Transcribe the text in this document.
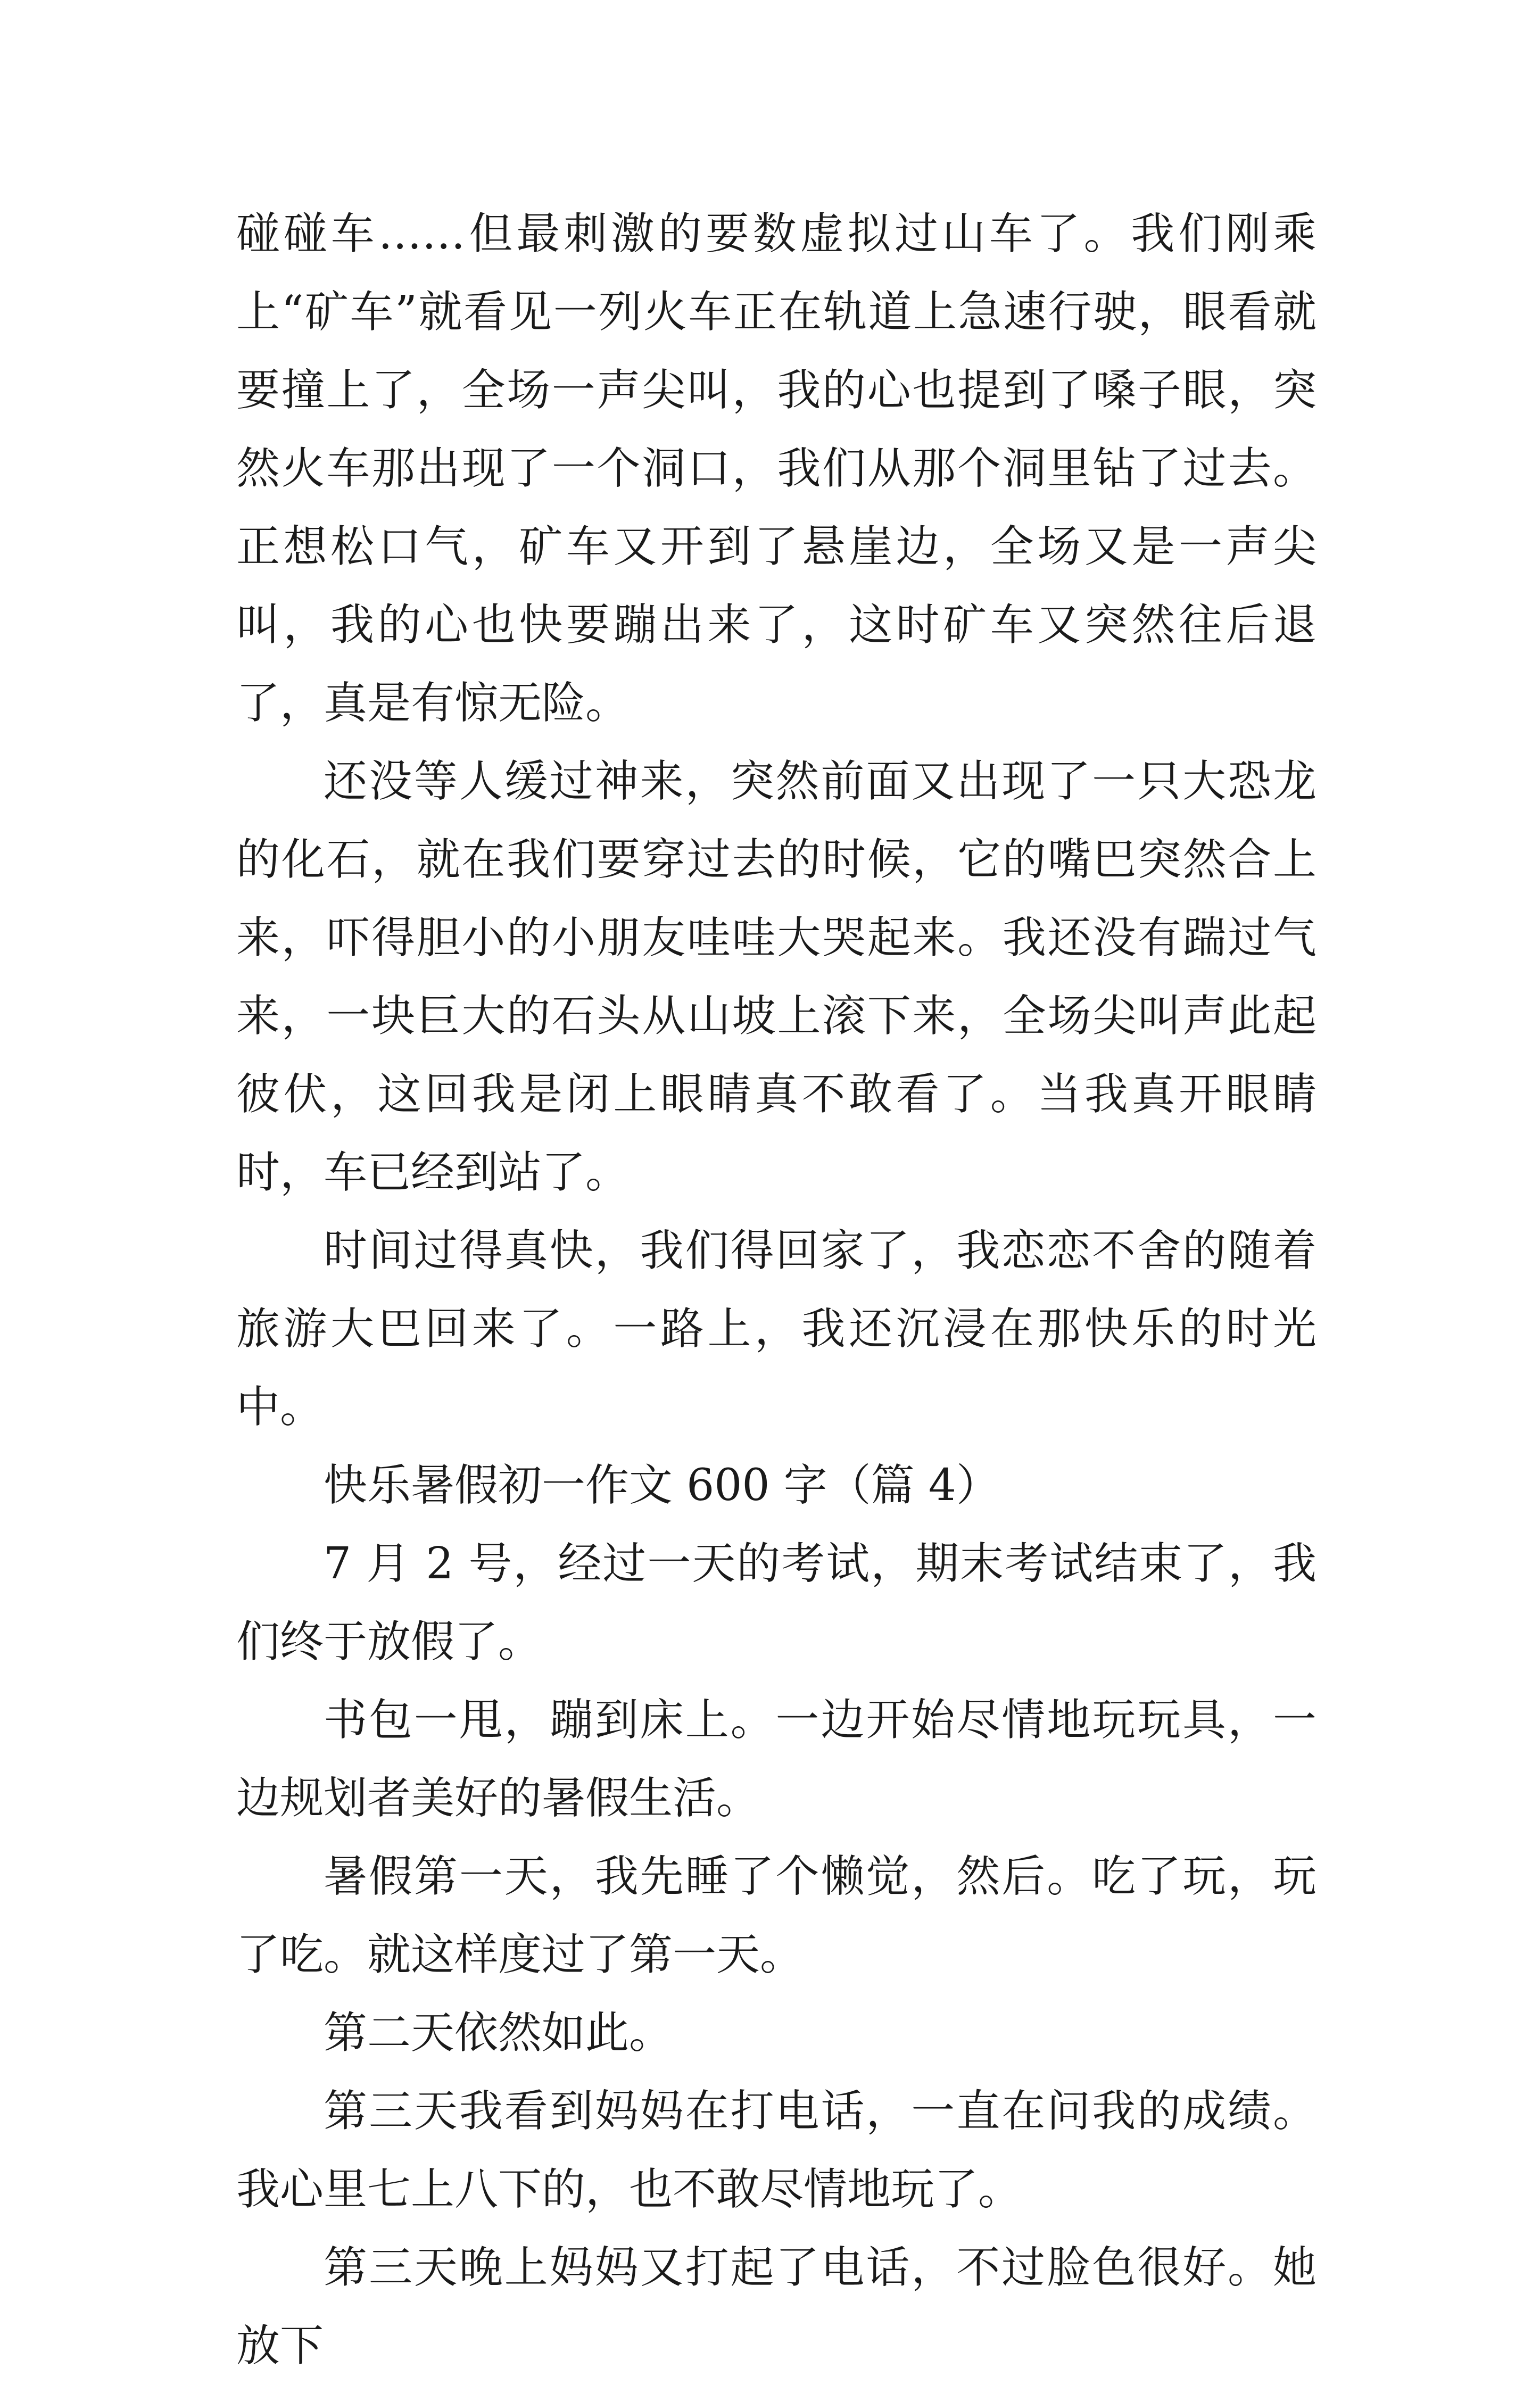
碰碰车……但最刺激的要数虚拟过山车了。我们刚乘上“矿车”就看见一列火车正在轨道上急速行驶，眼看就要撞上了，全场一声尖叫，我的心也提到了嗓子眼，突然火车那出现了一个洞口，我们从那个洞里钻了过去。正想松口气，矿车又开到了悬崖边，全场又是一声尖叫，我的心也快要蹦出来了，这时矿车又突然往后退了，真是有惊无险。

还没等人缓过神来，突然前面又出现了一只大恐龙的化石，就在我们要穿过去的时候，它的嘴巴突然合上来，吓得胆小的小朋友哇哇大哭起来。我还没有踹过气来，一块巨大的石头从山坡上滚下来，全场尖叫声此起彼伏，这回我是闭上眼睛真不敢看了。当我真开眼睛时，车已经到站了。

时间过得真快，我们得回家了，我恋恋不舍的随着旅游大巴回来了。一路上，我还沉浸在那快乐的时光中。

快乐暑假初一作文 600 字（篇 4）

7 月 2 号，经过一天的考试，期末考试结束了，我们终于放假了。

书包一甩，蹦到床上。一边开始尽情地玩玩具，一边规划者美好的暑假生活。

暑假第一天，我先睡了个懒觉，然后。吃了玩，玩了吃。就这样度过了第一天。

第二天依然如此。

第三天我看到妈妈在打电话，一直在问我的成绩。我心里七上八下的，也不敢尽情地玩了。

第三天晚上妈妈又打起了电话，不过脸色很好。她放下
